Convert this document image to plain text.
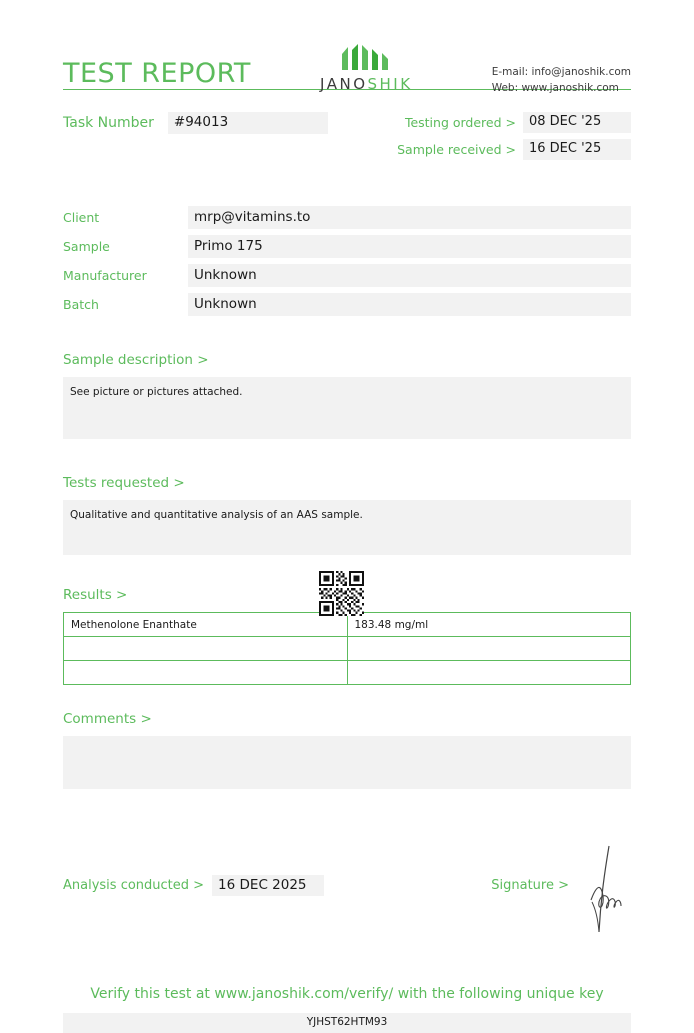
TEST REPORT	JANOSHIK
E-mail: info@janoshik.com
Web: www.janoshik.com
Task Number	#94013	Testing ordered >	08 DEC '25
Sample received >	16 DEC '25
Client	mrp@vitamins.to
Sample	Primo 175
Manufacturer	Unknown
Batch	Unknown
Sample description >
See picture or pictures attached.
Tests requested >
Qualitative and quantitative analysis of an AAS sample.
Results >
Methenolone Enanthate	183.48 mg/ml

Comments >
Analysis conducted >	16 DEC 2025	Signature >
Verify this test at www.janoshik.com/verify/ with the following unique key
YJHST62HTM93
